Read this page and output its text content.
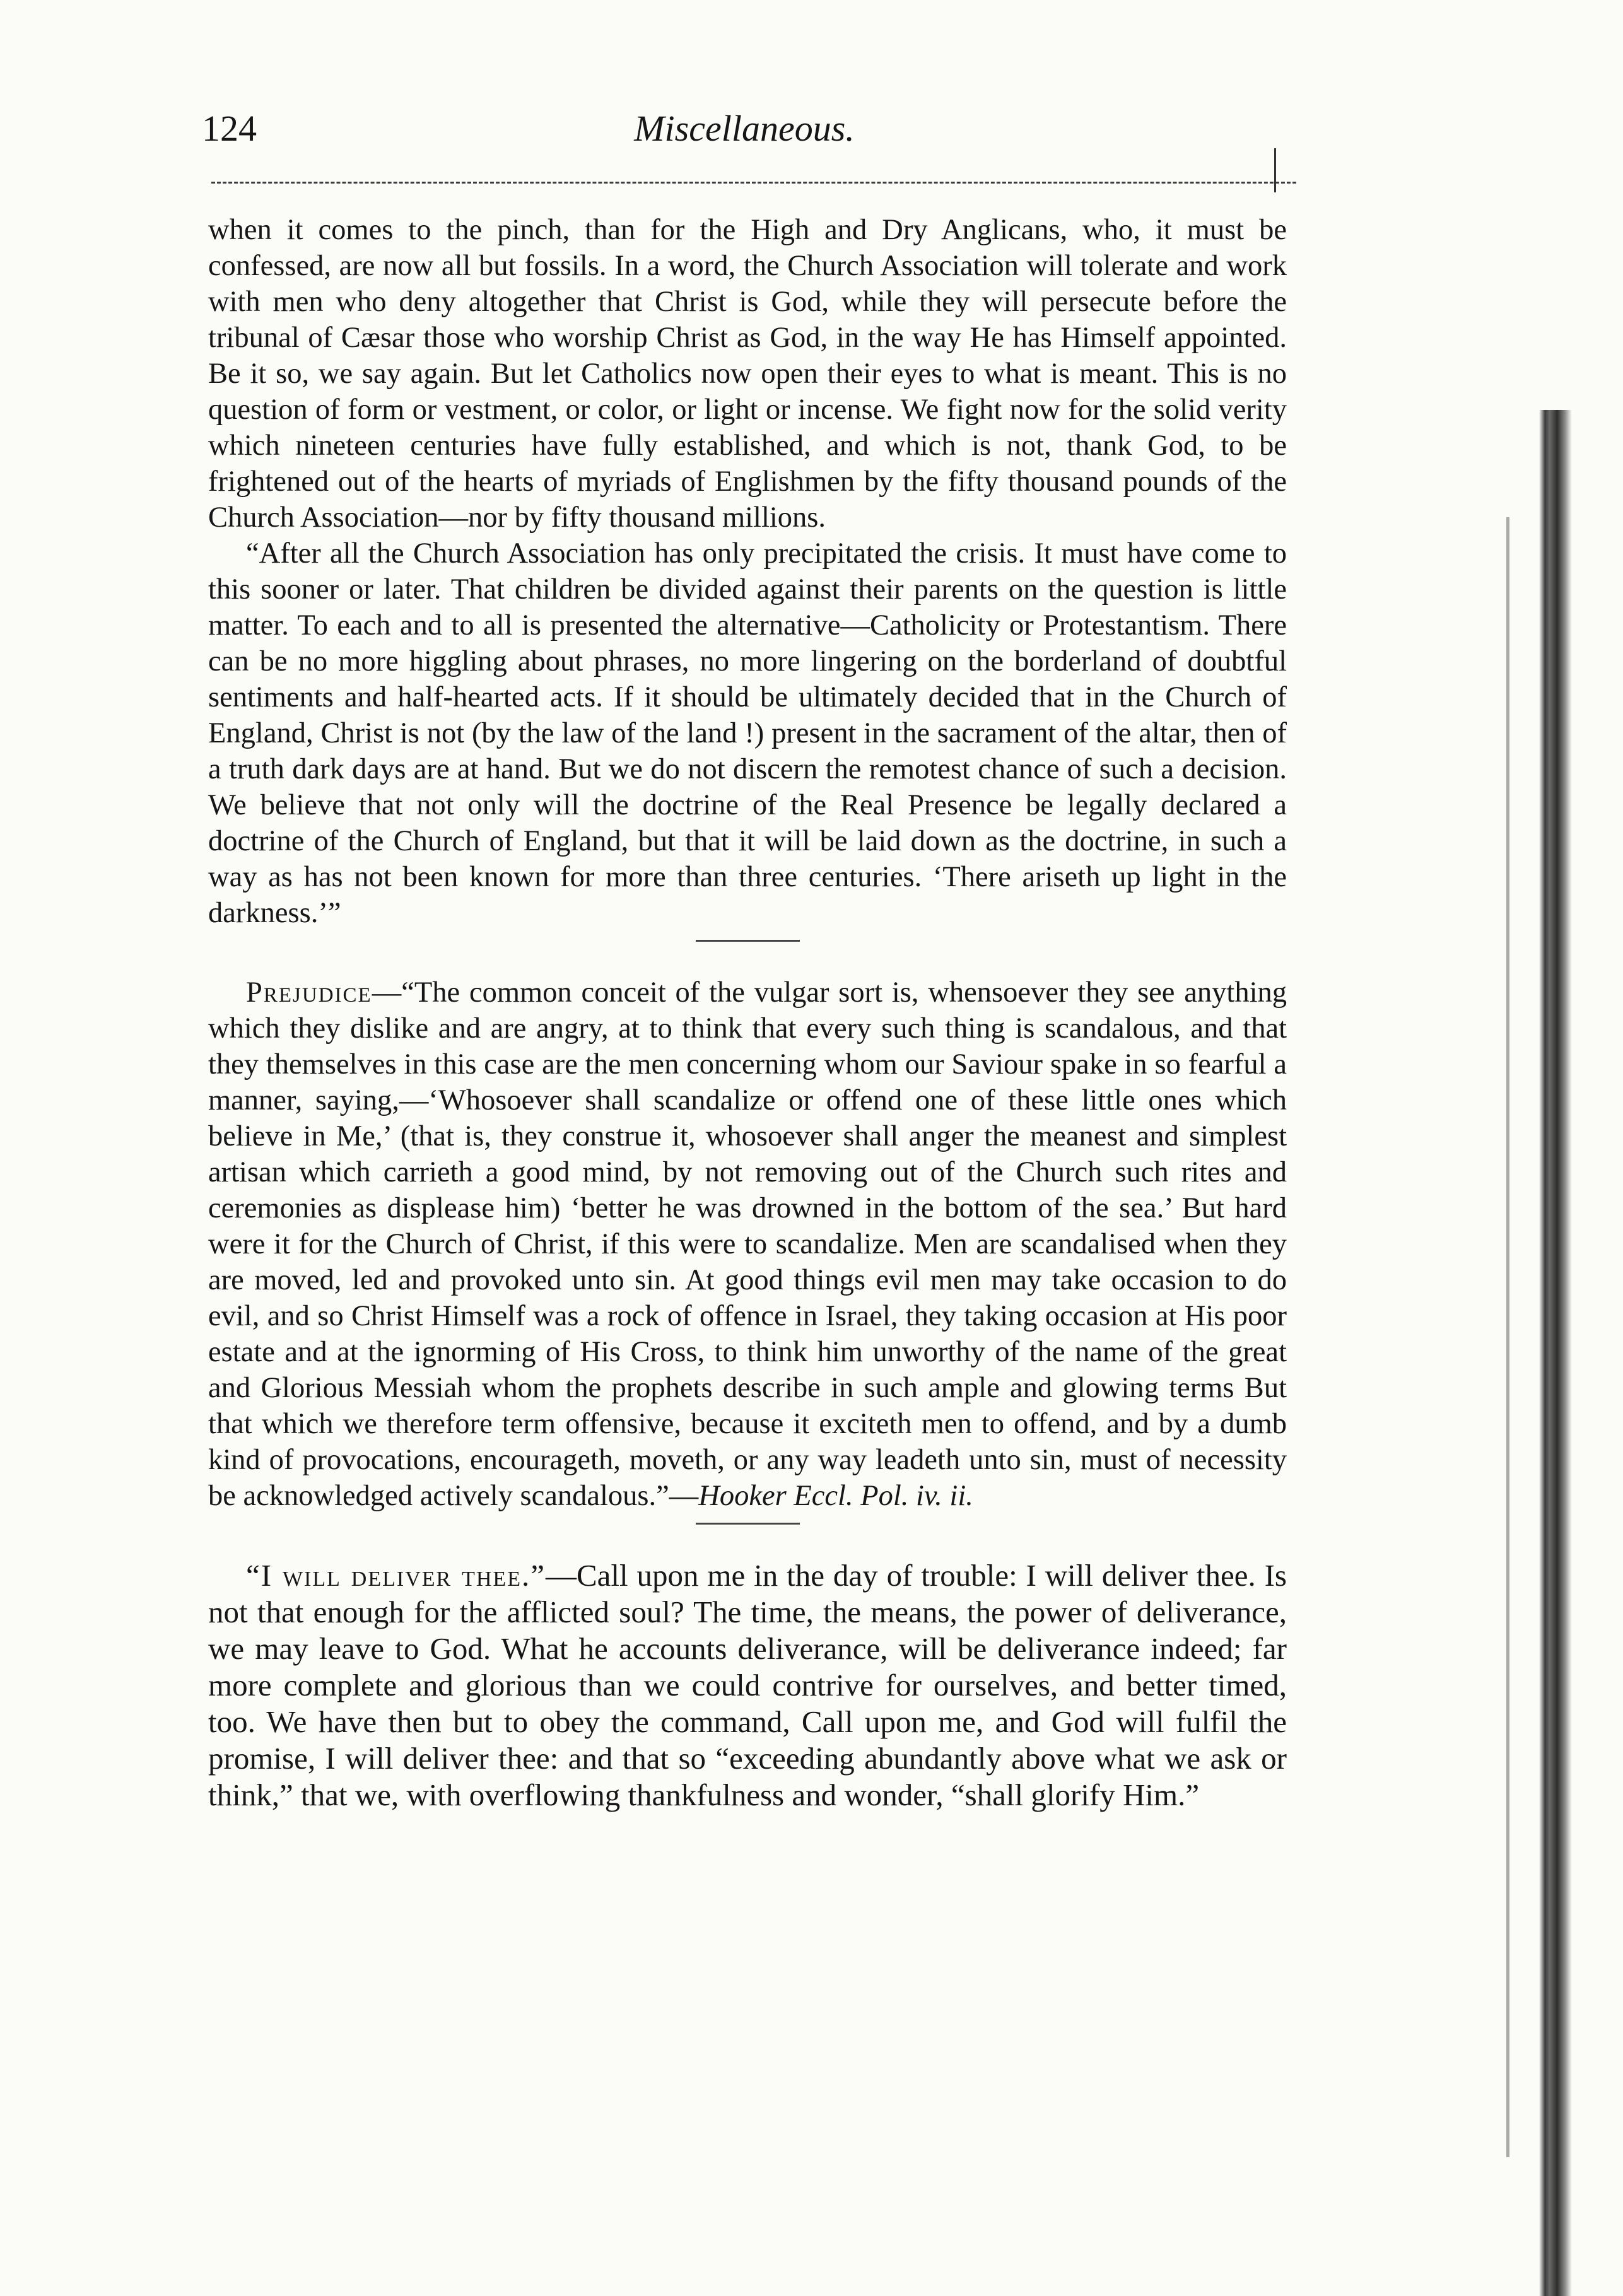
124	Miscellaneous.

when it comes to the pinch, than for the High and Dry Anglicans, who, it must be confessed, are now all but fossils. In a word, the Church Association will tolerate and work with men who deny altogether that Christ is God, while they will persecute before the tribunal of Cæsar those who worship Christ as God, in the way He has Himself appointed. Be it so, we say again. But let Catholics now open their eyes to what is meant. This is no question of form or vestment, or color, or light or incense. We fight now for the solid verity which nineteen centuries have fully established, and which is not, thank God, to be frightened out of the hearts of myriads of Englishmen by the fifty thousand pounds of the Church Association—nor by fifty thousand millions.

“After all the Church Association has only precipitated the crisis. It must have come to this sooner or later. That children be divided against their parents on the question is little matter. To each and to all is presented the alternative—Catholicity or Protestantism. There can be no more higgling about phrases, no more lingering on the borderland of doubtful sentiments and half-hearted acts. If it should be ultimately decided that in the Church of England, Christ is not (by the law of the land !) present in the sacrament of the altar, then of a truth dark days are at hand. But we do not discern the remotest chance of such a decision. We believe that not only will the doctrine of the Real Presence be legally declared a doctrine of the Church of England, but that it will be laid down as the doctrine, in such a way as has not been known for more than three centuries. ‘There ariseth up light in the darkness.’”

Prejudice—“The common conceit of the vulgar sort is, whensoever they see anything which they dislike and are angry, at to think that every such thing is scandalous, and that they themselves in this case are the men concerning whom our Saviour spake in so fearful a manner, saying,—‘Whosoever shall scandalize or offend one of these little ones which believe in Me,’ (that is, they construe it, whosoever shall anger the meanest and simplest artisan which carrieth a good mind, by not removing out of the Church such rites and ceremonies as displease him) ‘better he was drowned in the bottom of the sea.’ But hard were it for the Church of Christ, if this were to scandalize. Men are scandalised when they are moved, led and provoked unto sin. At good things evil men may take occasion to do evil, and so Christ Himself was a rock of offence in Israel, they taking occasion at His poor estate and at the ignorming of His Cross, to think him unworthy of the name of the great and Glorious Messiah whom the prophets describe in such ample and glowing terms But that which we therefore term offensive, because it exciteth men to offend, and by a dumb kind of provocations, encourageth, moveth, or any way leadeth unto sin, must of necessity be acknowledged actively scandalous.”—Hooker Eccl. Pol. iv. ii.

“I will deliver thee.”—Call upon me in the day of trouble: I will deliver thee. Is not that enough for the afflicted soul? The time, the means, the power of deliverance, we may leave to God. What he accounts deliverance, will be deliverance indeed; far more complete and glorious than we could contrive for ourselves, and better timed, too. We have then but to obey the command, Call upon me, and God will fulfil the promise, I will deliver thee: and that so “exceeding abundantly above what we ask or think,” that we, with overflowing thankfulness and wonder, “shall glorify Him.”
